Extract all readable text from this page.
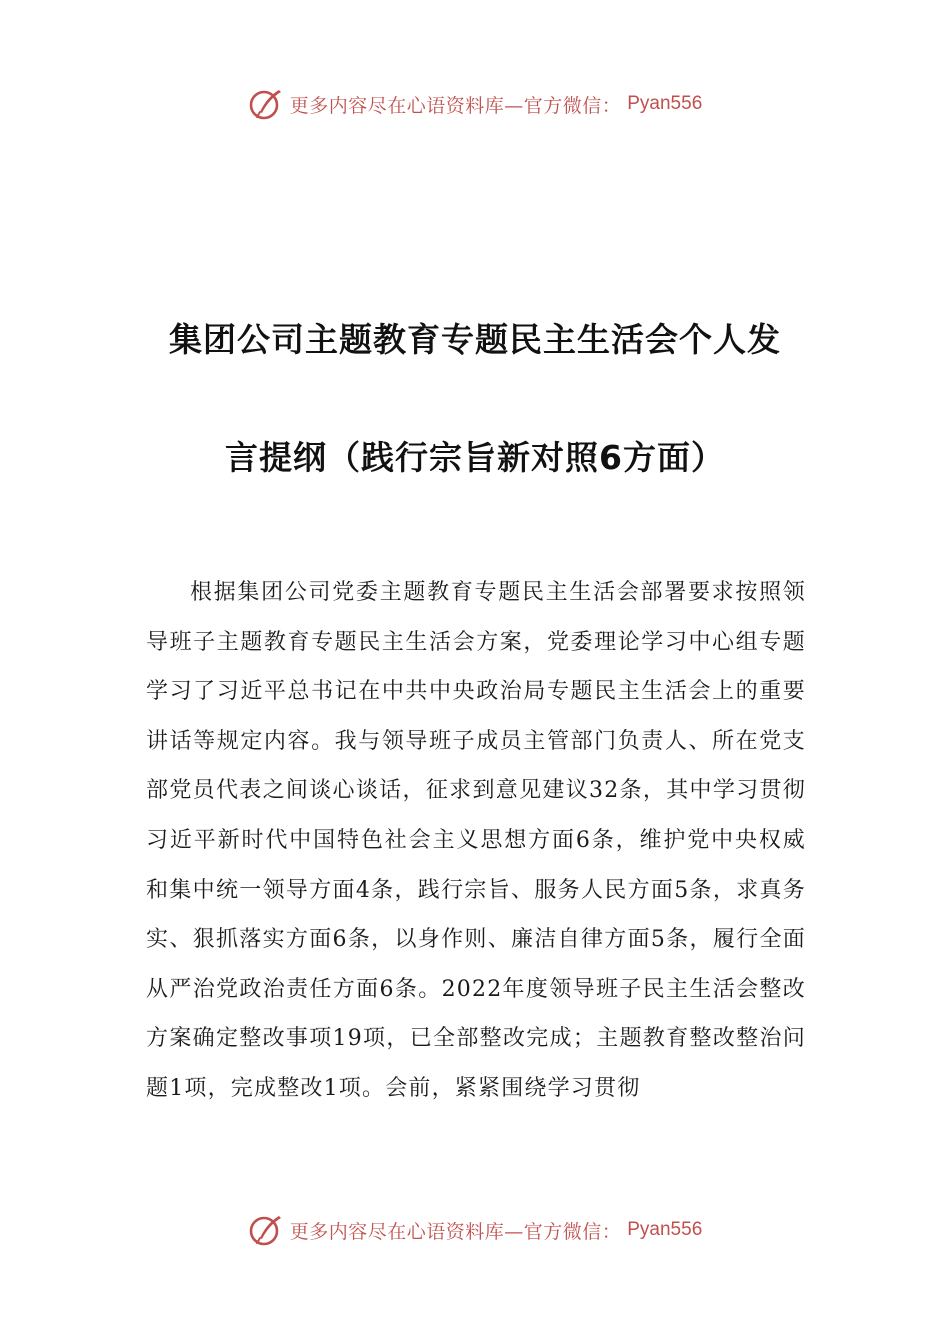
更多内容尽在心语资料库—官方微信： Pyan556
集团公司主题教育专题民主生活会个人发
言提纲（践行宗旨新对照6方面）

根据集团公司党委主题教育专题民主生活会部署要求按照领导班子主题教育专题民主生活会方案，党委理论学习中心组专题学习了习近平总书记在中共中央政治局专题民主生活会上的重要讲话等规定内容。我与领导班子成员主管部门负责人、所在党支部党员代表之间谈心谈话，征求到意见建议32条，其中学习贯彻习近平新时代中国特色社会主义思想方面6条，维护党中央权威和集中统一领导方面4条，践行宗旨、服务人民方面5条，求真务实、狠抓落实方面6条，以身作则、廉洁自律方面5条，履行全面从严治党政治责任方面6条。2022年度领导班子民主生活会整改方案确定整改事项19项，已全部整改完成；主题教育整改整治问题1项，完成整改1项。会前，紧紧围绕学习贯彻

更多内容尽在心语资料库—官方微信： Pyan556
